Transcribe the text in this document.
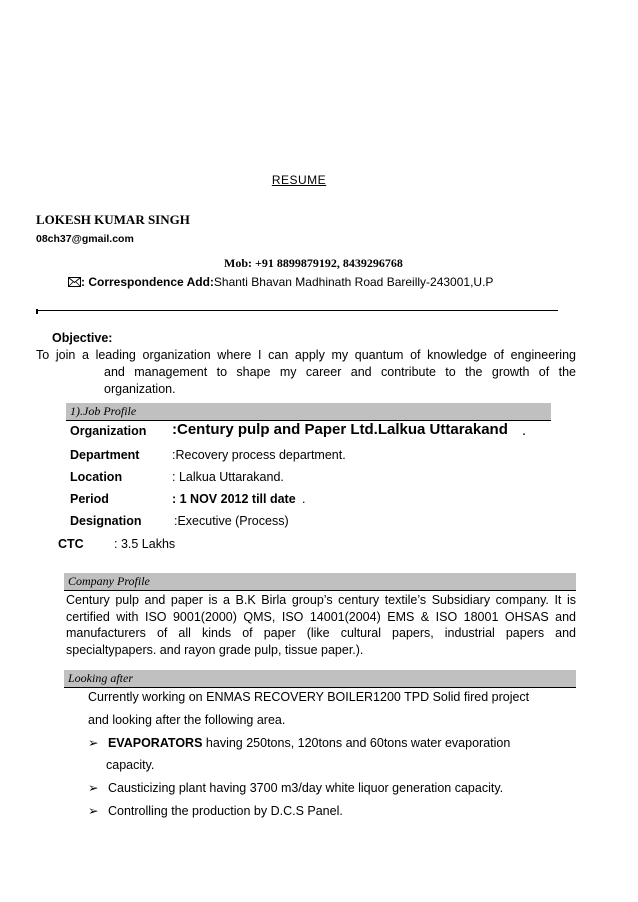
RESUME
LOKESH KUMAR SINGH
08ch37@gmail.com
Mob: +91 8899879192, 8439296768
: Correspondence Add:Shanti Bhavan Madhinath Road Bareilly-243001,U.P
Objective:
To join a leading organization where I can apply my quantum of knowledge of engineering
and management to shape my career and contribute to the growth of the organization.
1).Job Profile
Organization :Century pulp and Paper Ltd.Lalkua Uttarakand .
Department	:Recovery process department.
Location	: Lalkua Uttarakand.
Period	: 1 NOV 2012 till date .
Designation	:Executive (Process)
CTC : 3.5 Lakhs
Company Profile
Century pulp and paper is a B.K Birla group’s century textile’s Subsidiary company. It is certified with ISO 9001(2000) QMS, ISO 14001(2004) EMS & ISO 18001 OHSAS and manufacturers of all kinds of paper (like cultural papers, industrial papers and specialtypapers. and rayon grade pulp, tissue paper.).
Looking after
Currently working on ENMAS RECOVERY BOILER1200 TPD Solid fired project
and looking after the following area.
➢ EVAPORATORS having 250tons, 120tons and 60tons water evaporation
capacity.
➢ Causticizing plant having 3700 m3/day white liquor generation capacity.
➢ Controlling the production by D.C.S Panel.
